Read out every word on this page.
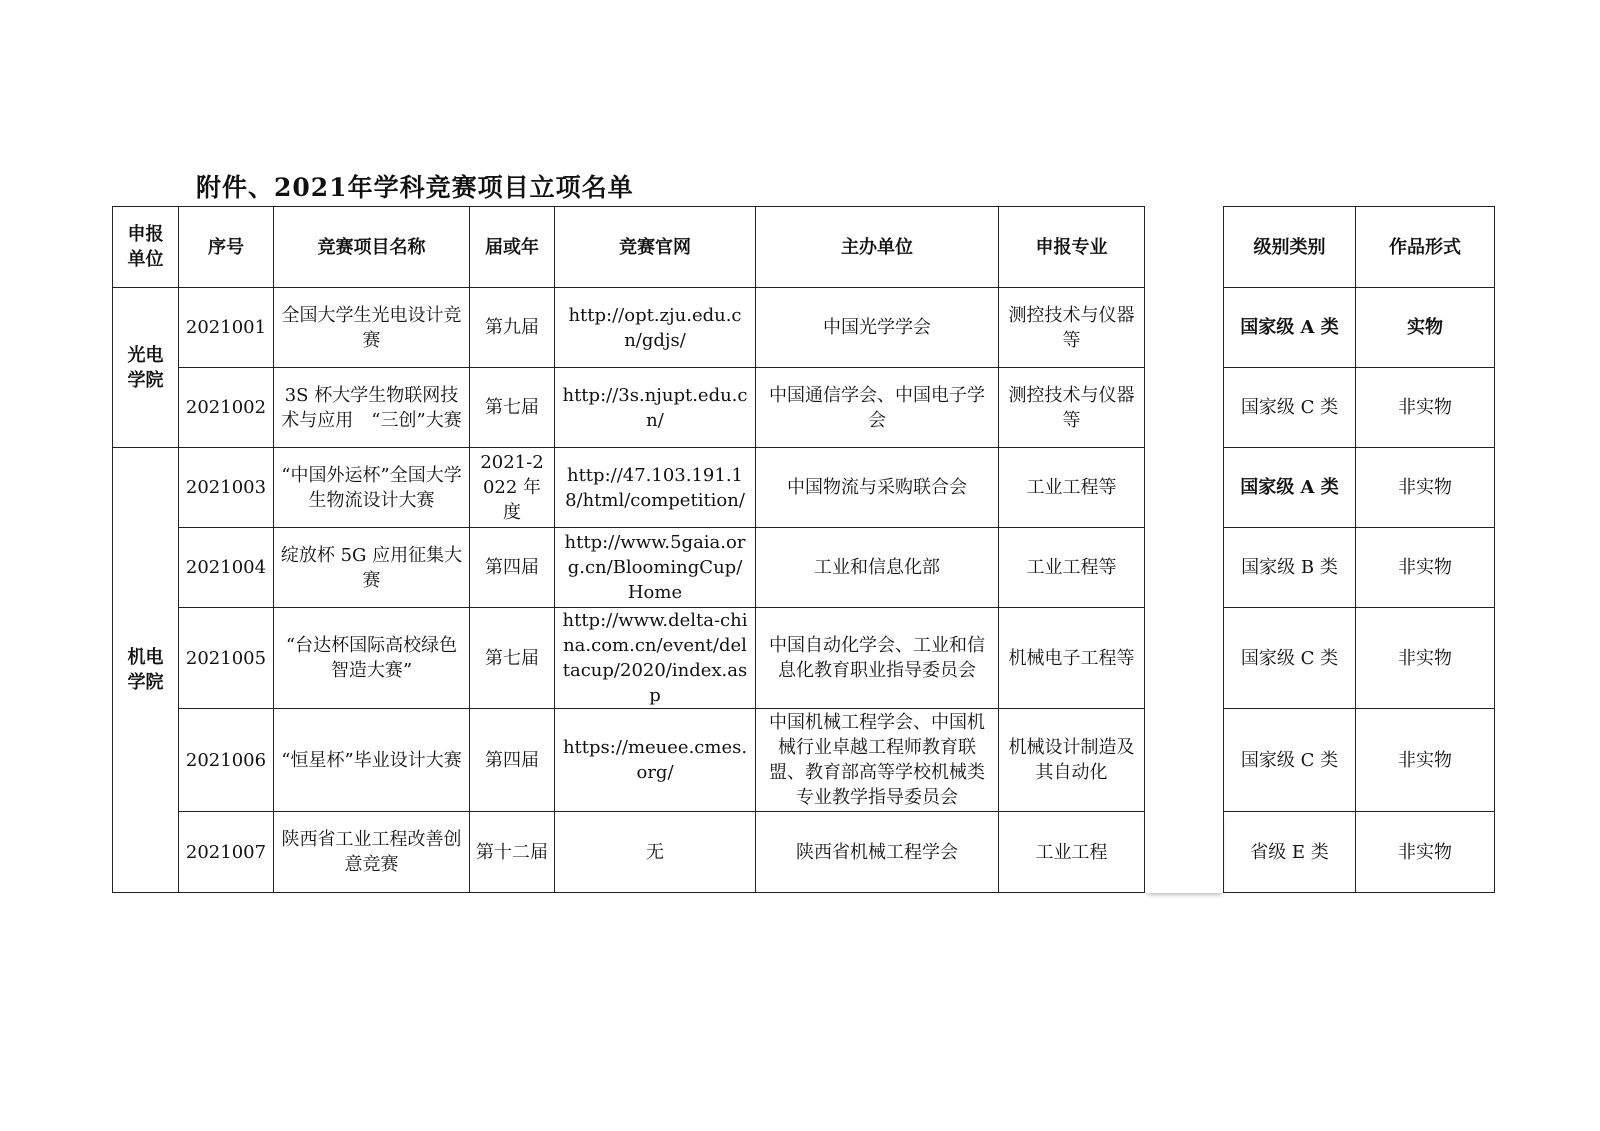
附件、2021年学科竞赛项目立项名单
申报
单位	序号	竞赛项目名称	届或年	竞赛官网	主办单位	申报专业		级别类别	作品形式
光电
学院	2021001	全国大学生光电设计竞赛	第九届	http://opt.zju.edu.cn/gdjs/	中国光学学会	测控技术与仪器等		国家级 A 类	实物
	2021002	3S 杯大学生物联网技术与应用　“三创”大赛	第七届	http://3s.njupt.edu.cn/	中国通信学会、中国电子学会	测控技术与仪器等		国家级 C 类	非实物
机电
学院	2021003	“中国外运杯”全国大学生物流设计大赛	2021-2022 年度	http://47.103.191.18/html/competition/	中国物流与采购联合会	工业工程等		国家级 A 类	非实物
	2021004	绽放杯 5G 应用征集大赛	第四届	http://www.5gaia.org.cn/BloomingCup/Home	工业和信息化部	工业工程等		国家级 B 类	非实物
	2021005	“台达杯国际高校绿色智造大赛”	第七届	http://www.delta-china.com.cn/event/deltacup/2020/index.asp	中国自动化学会、工业和信息化教育职业指导委员会	机械电子工程等		国家级 C 类	非实物
	2021006	“恒星杯”毕业设计大赛	第四届	https://meuee.cmes.org/	中国机械工程学会、中国机械行业卓越工程师教育联盟、教育部高等学校机械类专业教学指导委员会	机械设计制造及其自动化		国家级 C 类	非实物
	2021007	陕西省工业工程改善创意竞赛	第十二届	无	陕西省机械工程学会	工业工程		省级 E 类	非实物
